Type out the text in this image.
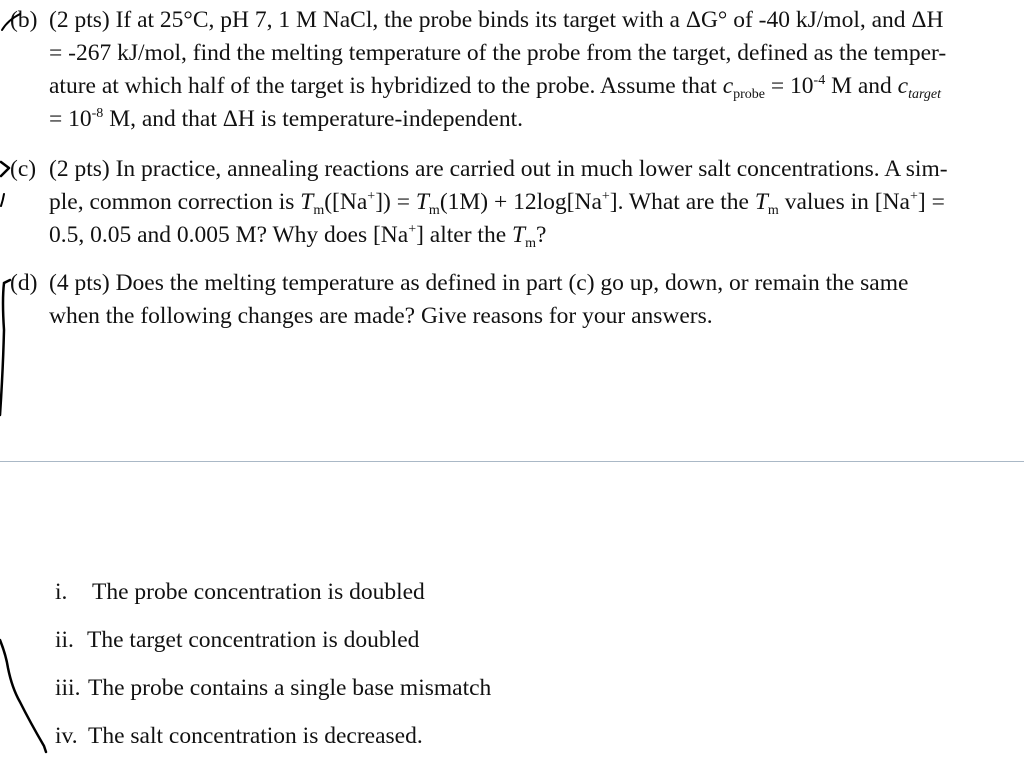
(b) (2 pts) If at 25°C, pH 7, 1 M NaCl, the probe binds its target with a ΔG° of -40 kJ/mol, and ΔH
= -267 kJ/mol, find the melting temperature of the probe from the target, defined as the temper-
ature at which half of the target is hybridized to the probe. Assume that $c_{probe} = 10^{-4}$ M and $c_{target}$
= $10^{-8}$ M, and that ΔH is temperature-independent.
(c) (2 pts) In practice, annealing reactions are carried out in much lower salt concentrations. A sim-
ple, common correction is $T_m([Na^+]) = T_m(1M) + 12\log[Na^+]$. What are the $T_m$ values in [Na+] =
0.5, 0.05 and 0.005 M? Why does [Na+] alter the $T_m$?
(d) (4 pts) Does the melting temperature as defined in part (c) go up, down, or remain the same
when the following changes are made? Give reasons for your answers.
i. The probe concentration is doubled
ii. The target concentration is doubled
iii. The probe contains a single base mismatch
iv. The salt concentration is decreased.
